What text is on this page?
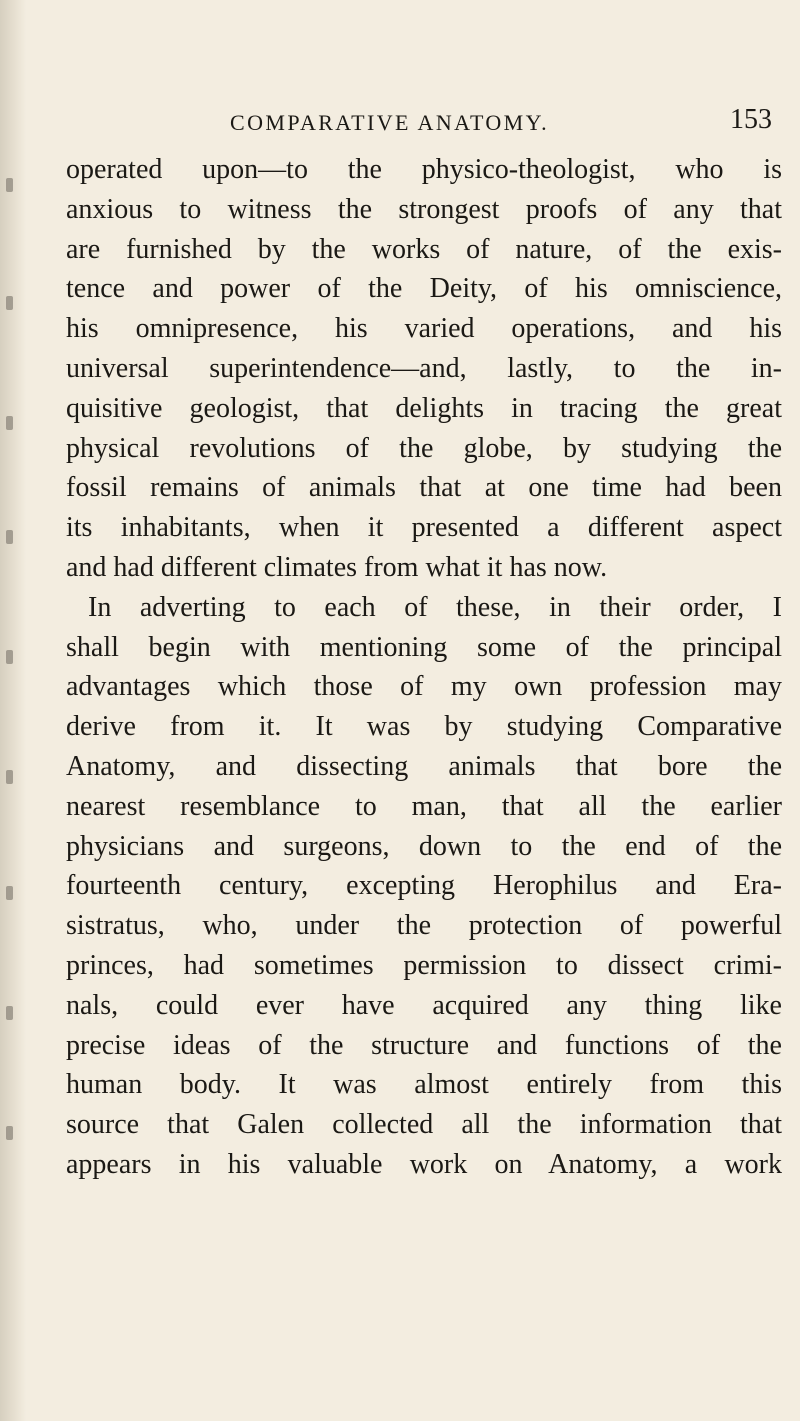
COMPARATIVE ANATOMY.	153
operated upon—to the physico-theologist, who is
anxious to witness the strongest proofs of any that
are furnished by the works of nature, of the exis-
tence and power of the Deity, of his omniscience,
his omnipresence, his varied operations, and his
universal superintendence—and, lastly, to the in-
quisitive geologist, that delights in tracing the great
physical revolutions of the globe, by studying the
fossil remains of animals that at one time had been
its inhabitants, when it presented a different aspect
and had different climates from what it has now.
In adverting to each of these, in their order, I
shall begin with mentioning some of the principal
advantages which those of my own profession may
derive from it. It was by studying Comparative
Anatomy, and dissecting animals that bore the
nearest resemblance to man, that all the earlier
physicians and surgeons, down to the end of the
fourteenth century, excepting Herophilus and Era-
sistratus, who, under the protection of powerful
princes, had sometimes permission to dissect crimi-
nals, could ever have acquired any thing like
precise ideas of the structure and functions of the
human body. It was almost entirely from this
source that Galen collected all the information that
appears in his valuable work on Anatomy, a work
